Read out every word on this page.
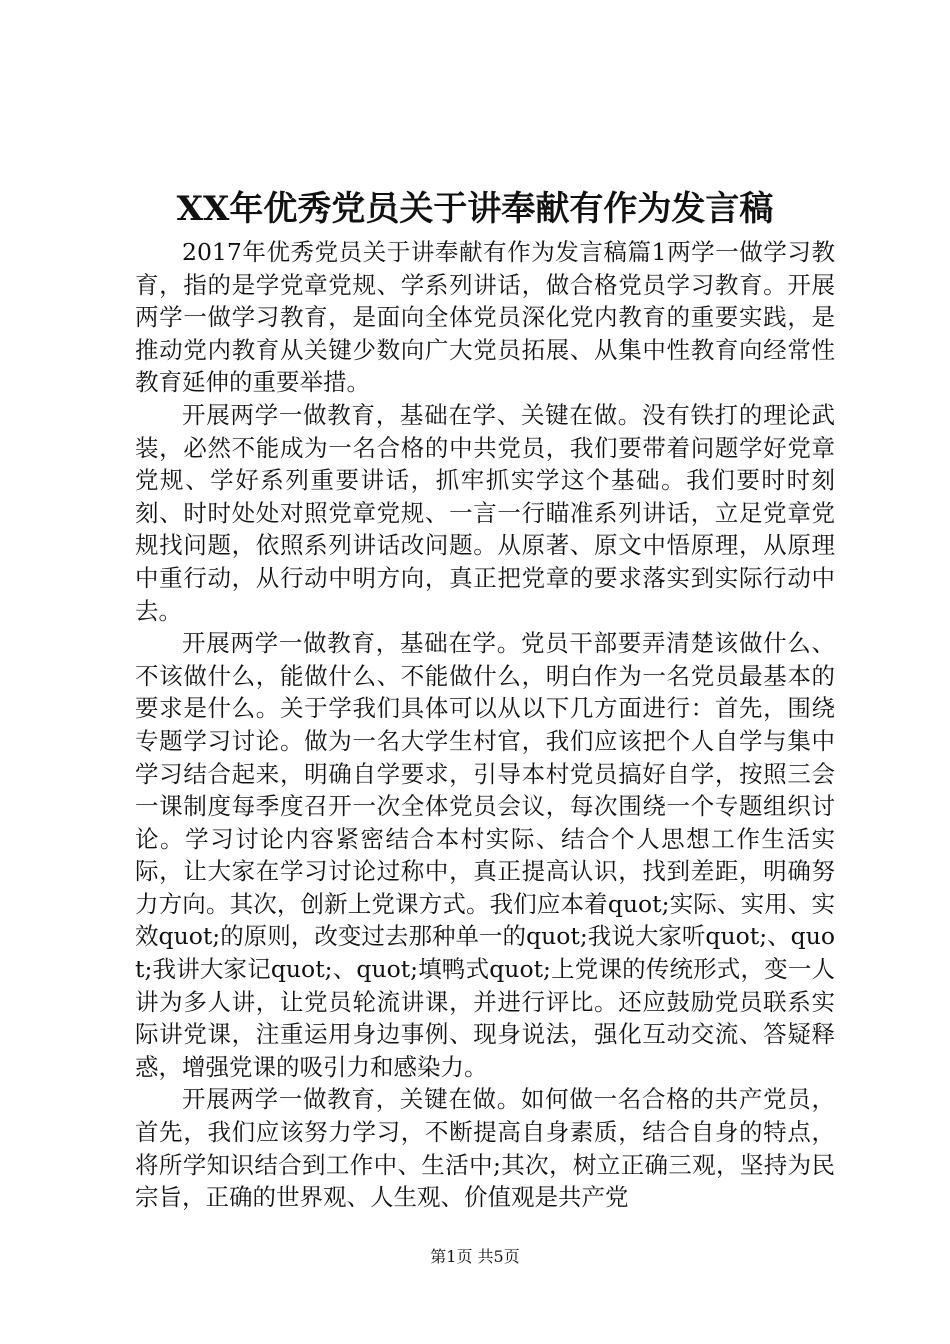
XX年优秀党员关于讲奉献有作为发言稿

2017年优秀党员关于讲奉献有作为发言稿篇1两学一做学习教育，指的是学党章党规、学系列讲话，做合格党员学习教育。开展两学一做学习教育，是面向全体党员深化党内教育的重要实践，是推动党内教育从关键少数向广大党员拓展、从集中性教育向经常性教育延伸的重要举措。

开展两学一做教育，基础在学、关键在做。没有铁打的理论武装，必然不能成为一名合格的中共党员，我们要带着问题学好党章党规、学好系列重要讲话，抓牢抓实学这个基础。我们要时时刻刻、时时处处对照党章党规、一言一行瞄准系列讲话，立足党章党规找问题，依照系列讲话改问题。从原著、原文中悟原理，从原理中重行动，从行动中明方向，真正把党章的要求落实到实际行动中去。

开展两学一做教育，基础在学。党员干部要弄清楚该做什么、不该做什么，能做什么、不能做什么，明白作为一名党员最基本的要求是什么。关于学我们具体可以从以下几方面进行：首先，围绕专题学习讨论。做为一名大学生村官，我们应该把个人自学与集中学习结合起来，明确自学要求，引导本村党员搞好自学，按照三会一课制度每季度召开一次全体党员会议，每次围绕一个专题组织讨论。学习讨论内容紧密结合本村实际、结合个人思想工作生活实际，让大家在学习讨论过称中，真正提高认识，找到差距，明确努力方向。其次，创新上党课方式。我们应本着quot;实际、实用、实效quot;的原则，改变过去那种单一的quot;我说大家听quot;、quot;我讲大家记quot;、quot;填鸭式quot;上党课的传统形式，变一人讲为多人讲，让党员轮流讲课，并进行评比。还应鼓励党员联系实际讲党课，注重运用身边事例、现身说法，强化互动交流、答疑释惑，增强党课的吸引力和感染力。

开展两学一做教育，关键在做。如何做一名合格的共产党员，首先，我们应该努力学习，不断提高自身素质，结合自身的特点，将所学知识结合到工作中、生活中;其次，树立正确三观，坚持为民宗旨，正确的世界观、人生观、价值观是共产党

第1页 共5页
